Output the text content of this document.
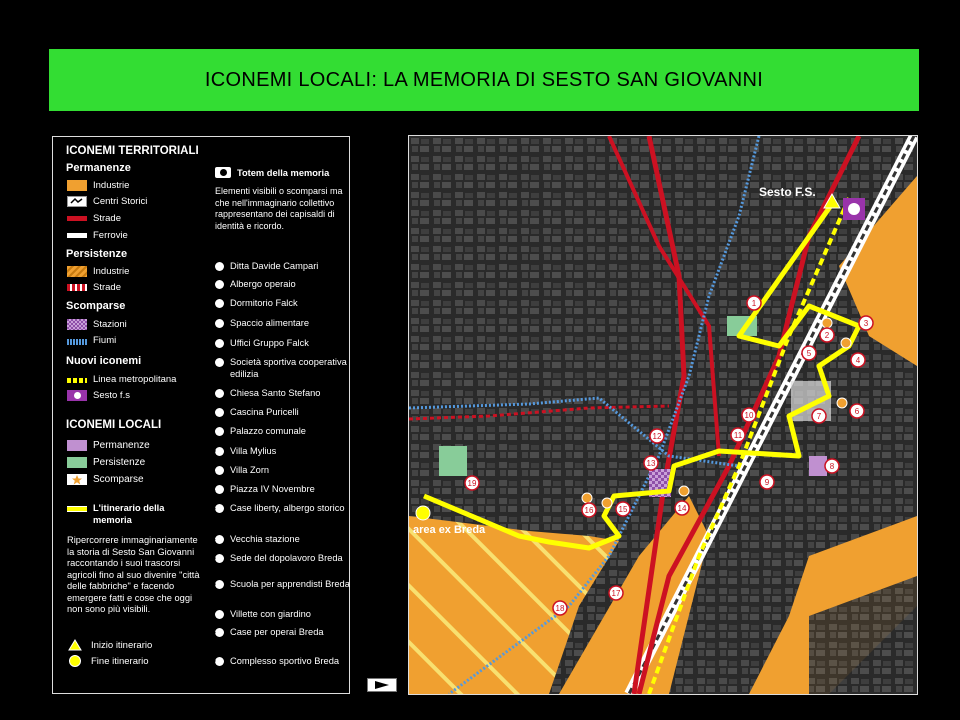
ICONEMI LOCALI: LA MEMORIA DI SESTO SAN GIOVANNI
ICONEMI TERRITORIALI
Permanenze
Industrie
Centri Storici
Strade
Ferrovie
Persistenze
Industrie
Strade
Scomparse
Stazioni
Fiumi
Nuovi iconemi
Linea metropolitana
Sesto f.s
ICONEMI LOCALI
Permanenze
Persistenze
Scomparse
L'itinerario della memoria
Ripercorrere immaginariamente la storia di Sesto San Giovanni raccontando i suoi trascorsi agricoli fino al suo divenire "città delle fabbriche" e facendo emergere fatti e cose che oggi non sono più visibili.
Inizio itinerario
Fine itinerario
Totem della memoria
Elementi visibili o scomparsi ma che nell'immaginario collettivo rappresentano dei capisaldi di identità e ricordo.
1 Ditta Davide Campari
2 Albergo operaio
3 Dormitorio Falck
4 Spaccio alimentare
5 Uffici Gruppo Falck
6 Società sportiva cooperativa edilizia
7 Chiesa Santo Stefano
8 Cascina Puricelli
9 Palazzo comunale
10 Villa Mylius
11 Villa Zorn
12 Piazza IV Novembre
13 Case liberty, albergo storico
14 Vecchia stazione
15 Sede del dopolavoro Breda
16 Scuola per apprendisti Breda
17 Villette con giardino
18 Case per operai Breda
19 Complesso sportivo Breda
1
2
3
4
5
6
7
8
9
10
11
12
13
14
15
16
17
18
19
Sesto F.S.
area ex Breda
